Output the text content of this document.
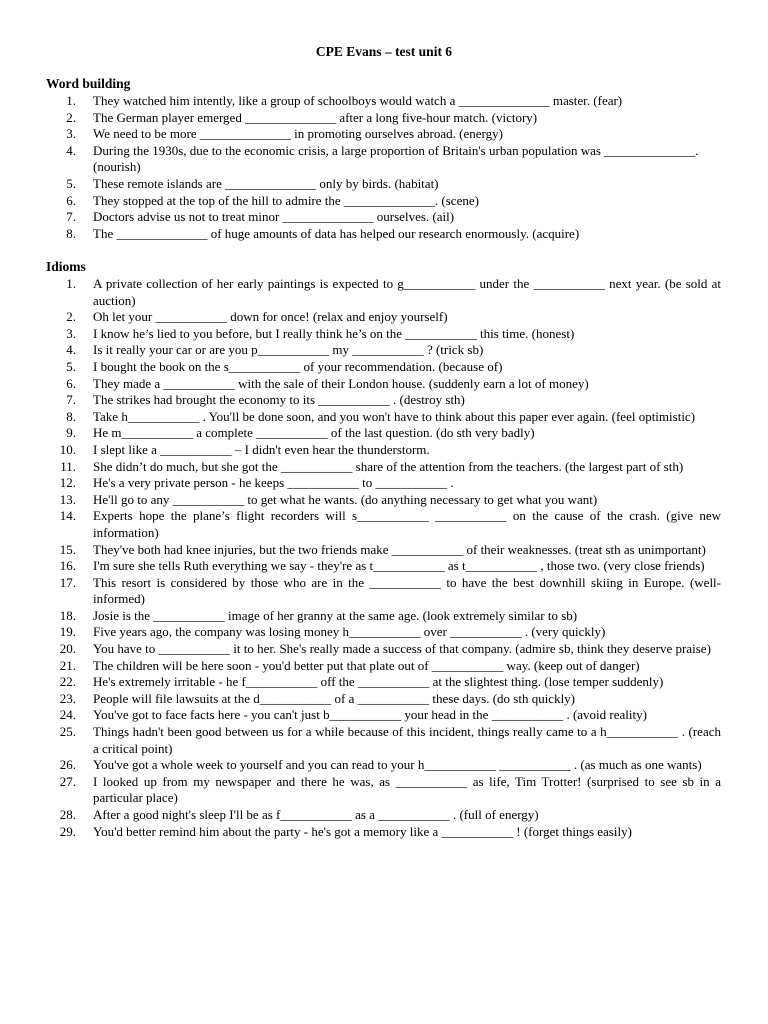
CPE Evans – test unit 6
Word building
1. They watched him intently, like a group of schoolboys would watch a ______________ master. (fear)
2. The German player emerged ______________ after a long five-hour match. (victory)
3. We need to be more ______________ in promoting ourselves abroad. (energy)
4. During the 1930s, due to the economic crisis, a large proportion of Britain's urban population was ______________. (nourish)
5. These remote islands are ______________ only by birds. (habitat)
6. They stopped at the top of the hill to admire the ______________. (scene)
7. Doctors advise us not to treat minor ______________ ourselves. (ail)
8. The ______________ of huge amounts of data has helped our research enormously. (acquire)
Idioms
1. A private collection of her early paintings is expected to g___________ under the ___________ next year. (be sold at auction)
2. Oh let your ___________ down for once! (relax and enjoy yourself)
3. I know he’s lied to you before, but I really think he’s on the ___________ this time. (honest)
4. Is it really your car or are you p___________ my ___________ ? (trick sb)
5. I bought the book on the s___________ of your recommendation. (because of)
6. They made a ___________ with the sale of their London house. (suddenly earn a lot of money)
7. The strikes had brought the economy to its ___________ . (destroy sth)
8. Take h___________ . You'll be done soon, and you won't have to think about this paper ever again. (feel optimistic)
9. He m___________ a complete ___________ of the last question. (do sth very badly)
10. I slept like a ___________ – I didn't even hear the thunderstorm.
11. She didn’t do much, but she got the ___________ share of the attention from the teachers. (the largest part of sth)
12. He's a very private person - he keeps ___________ to ___________ .
13. He'll go to any ___________ to get what he wants. (do anything necessary to get what you want)
14. Experts hope the plane’s flight recorders will s___________ ___________ on the cause of the crash. (give new information)
15. They've both had knee injuries, but the two friends make ___________ of their weaknesses. (treat sth as unimportant)
16. I'm sure she tells Ruth everything we say - they're as t___________ as t___________ , those two. (very close friends)
17. This resort is considered by those who are in the ___________ to have the best downhill skiing in Europe. (well-informed)
18. Josie is the ___________ image of her granny at the same age. (look extremely similar to sb)
19. Five years ago, the company was losing money h___________ over ___________ . (very quickly)
20. You have to ___________ it to her. She's really made a success of that company. (admire sb, think they deserve praise)
21. The children will be here soon - you'd better put that plate out of ___________ way. (keep out of danger)
22. He's extremely irritable - he f___________ off the ___________ at the slightest thing. (lose temper suddenly)
23. People will file lawsuits at the d___________ of a ___________ these days. (do sth quickly)
24. You've got to face facts here - you can't just b___________ your head in the ___________ . (avoid reality)
25. Things hadn't been good between us for a while because of this incident, things really came to a h___________ . (reach a critical point)
26. You've got a whole week to yourself and you can read to your h___________ ___________ . (as much as one wants)
27. I looked up from my newspaper and there he was, as ___________ as life, Tim Trotter! (surprised to see sb in a particular place)
28. After a good night's sleep I'll be as f___________ as a ___________ . (full of energy)
29. You'd better remind him about the party - he's got a memory like a ___________ ! (forget things easily)
